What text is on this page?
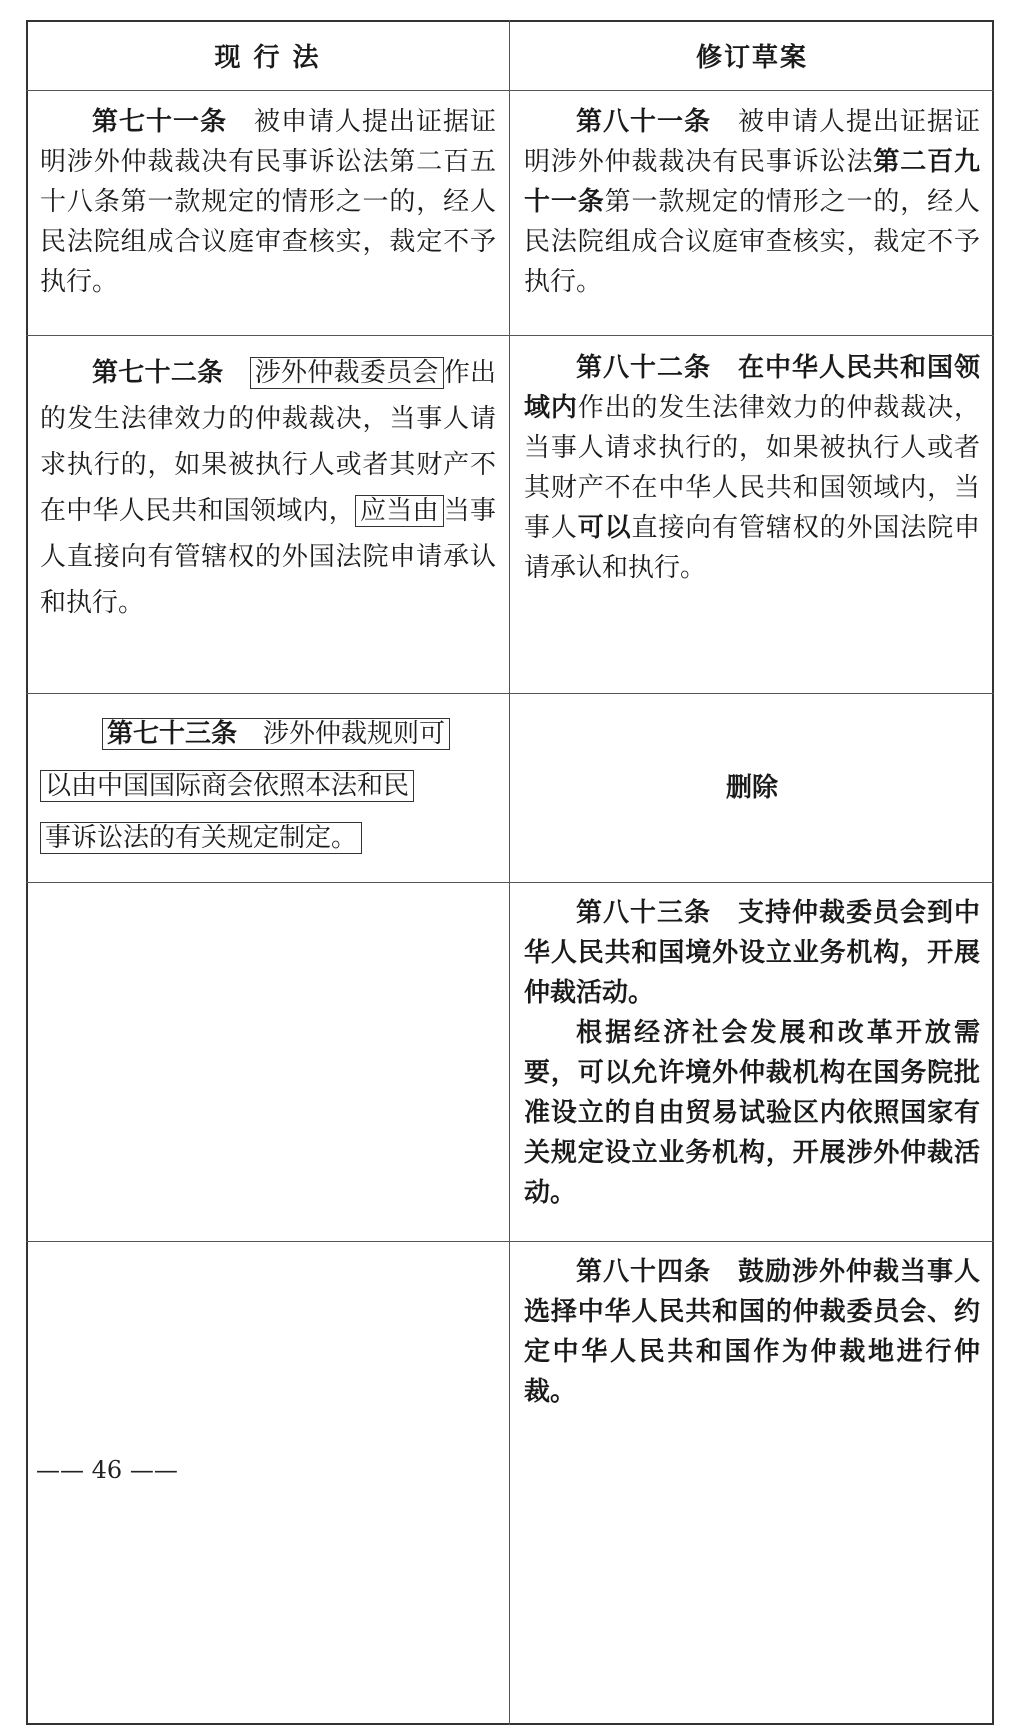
现 行 法	修订草案

第七十一条　 被申请人提出证据证明涉外仲裁裁决有民事诉讼法第二百五十八条第一款规定的情形之一的，经人民法院组成合议庭审查核实，裁定不予执行。

第八十一条　 被申请人提出证据证明涉外仲裁裁决有民事诉讼法第二百九十一条第一款规定的情形之一的，经人民法院组成合议庭审查核实，裁定不予执行。

第七十二条　 涉外仲裁委员会 作出的发生法律效力的仲裁裁决，当事人请求执行的，如果被执行人或者其财产不在中华人民共和国领域内， 应当由 当事人直接向有管辖权的外国法院申请承认和执行。

第八十二条　 在中华人民共和国领域内作出的发生法律效力的仲裁裁决，当事人请求执行的，如果被执行人或者其财产不在中华人民共和国领域内，当事人可以直接向有管辖权的外国法院申请承认和执行。

第七十三条　 涉外仲裁规则可
以由中国国际商会依照本法和民
事诉讼法的有关规定制定。
删除

第八十三条　支持仲裁委员会到中华人民共和国境外设立业务机构，开展仲裁活动。

根据经济社会发展和改革开放需要，可以允许境外仲裁机构在国务院批准设立的自由贸易试验区内依照国家有关规定设立业务机构，开展涉外仲裁活动。

第八十四条　鼓励涉外仲裁当事人选择中华人民共和国的仲裁委员会、约定中华人民共和国作为仲裁地进行仲裁。

—— 46 ——
